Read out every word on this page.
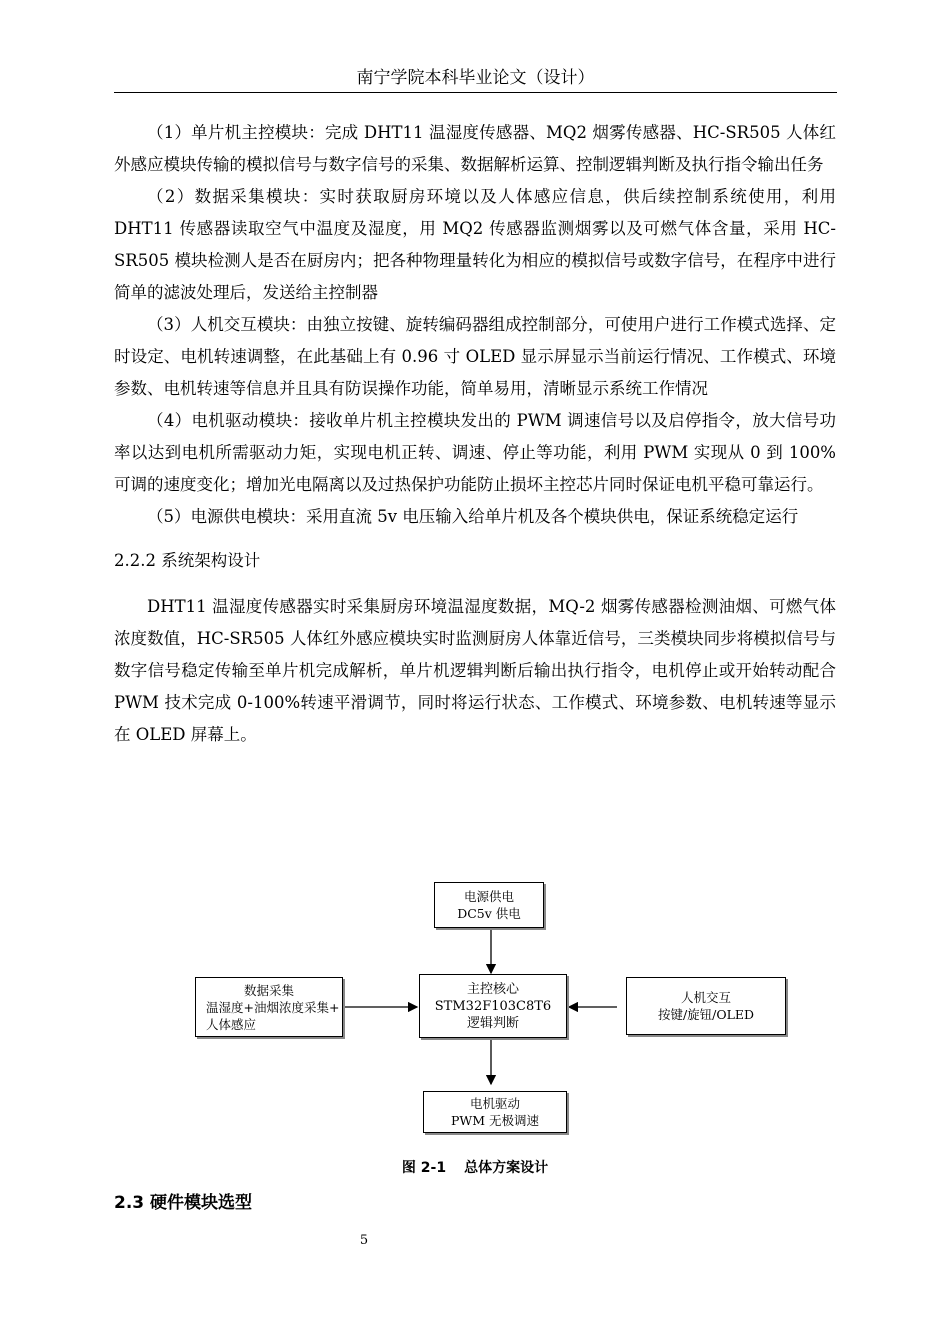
南宁学院本科毕业论文（设计）

（1）单片机主控模块：完成 DHT11 温湿度传感器、MQ2 烟雾传感器、HC-SR505 人体红外感应模块传输的模拟信号与数字信号的采集、数据解析运算、控制逻辑判断及执行指令输出任务

（2）数据采集模块：实时获取厨房环境以及人体感应信息，供后续控制系统使用，利用 DHT11 传感器读取空气中温度及湿度，用 MQ2 传感器监测烟雾以及可燃气体含量，采用 HC-SR505 模块检测人是否在厨房内；把各种物理量转化为相应的模拟信号或数字信号，在程序中进行简单的滤波处理后，发送给主控制器

（3）人机交互模块：由独立按键、旋转编码器组成控制部分，可使用户进行工作模式选择、定时设定、电机转速调整，在此基础上有 0.96 寸 OLED 显示屏显示当前运行情况、工作模式、环境参数、电机转速等信息并且具有防误操作功能，简单易用，清晰显示系统工作情况

（4）电机驱动模块：接收单片机主控模块发出的 PWM 调速信号以及启停指令，放大信号功率以达到电机所需驱动力矩，实现电机正转、调速、停止等功能，利用 PWM 实现从 0 到 100%可调的速度变化；增加光电隔离以及过热保护功能防止损坏主控芯片同时保证电机平稳可靠运行。

（5）电源供电模块：采用直流 5v 电压输入给单片机及各个模块供电，保证系统稳定运行

2.2.2 系统架构设计

DHT11 温湿度传感器实时采集厨房环境温湿度数据，MQ-2 烟雾传感器检测油烟、可燃气体浓度数值，HC-SR505 人体红外感应模块实时监测厨房人体靠近信号，三类模块同步将模拟信号与数字信号稳定传输至单片机完成解析，单片机逻辑判断后输出执行指令，电机停止或开始转动配合 PWM 技术完成 0-100%转速平滑调节，同时将运行状态、工作模式、环境参数、电机转速等显示在 OLED 屏幕上。

电源供电
DC5v 供电
数据采集
温湿度+油烟浓度采集+
人体感应
主控核心
STM32F103C8T6
逻辑判断
人机交互
按键/旋钮/OLED
电机驱动
PWM 无极调速
图 2-1 总体方案设计
2.3 硬件模块选型
5
